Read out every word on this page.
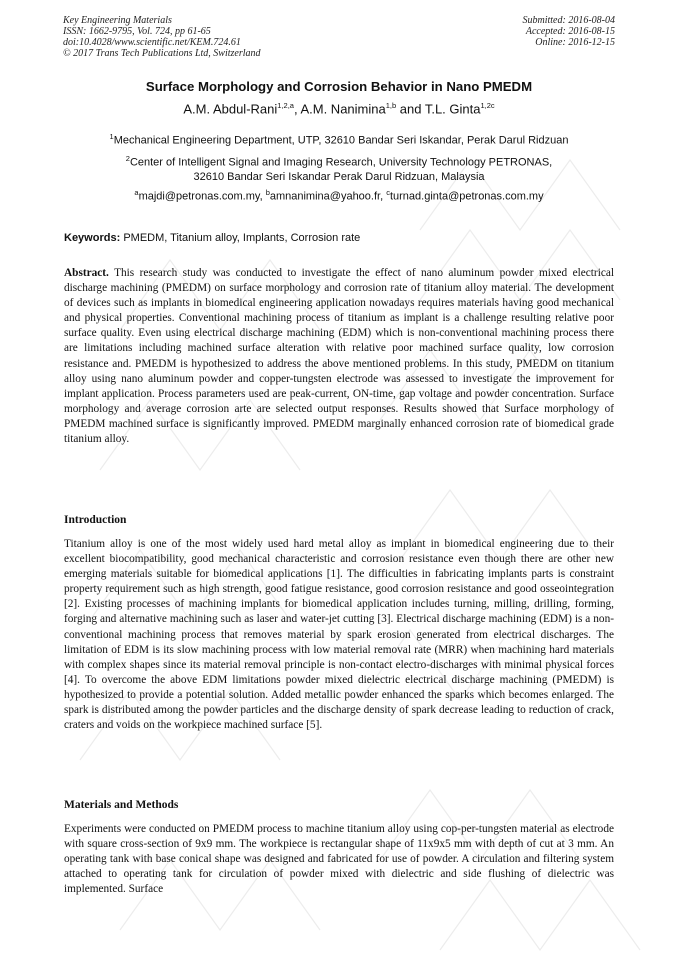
Key Engineering Materials
ISSN: 1662-9795, Vol. 724, pp 61-65
doi:10.4028/www.scientific.net/KEM.724.61
© 2017 Trans Tech Publications Ltd, Switzerland
Submitted: 2016-08-04
Accepted: 2016-08-15
Online: 2016-12-15
Surface Morphology and Corrosion Behavior in Nano PMEDM
A.M. Abdul-Rani$^{1,2,a}$, A.M. Nanimina$^{1,b}$ and T.L. Ginta$^{1,2c}$
$^1$Mechanical Engineering Department, UTP, 32610 Bandar Seri Iskandar, Perak Darul Ridzuan
$^2$Center of Intelligent Signal and Imaging Research, University Technology PETRONAS,
32610 Bandar Seri Iskandar Perak Darul Ridzuan, Malaysia
$^a$majdi@petronas.com.my, $^b$amnanimina@yahoo.fr, $^c$turnad.ginta@petronas.com.my
Keywords: PMEDM, Titanium alloy, Implants, Corrosion rate

Abstract. This research study was conducted to investigate the effect of nano aluminum powder mixed electrical discharge machining (PMEDM) on surface morphology and corrosion rate of titanium alloy material. The development of devices such as implants in biomedical engineering application nowadays requires materials having good mechanical and physical properties. Conventional machining process of titanium as implant is a challenge resulting relative poor surface quality. Even using electrical discharge machining (EDM) which is non-conventional machining process there are limitations including machined surface alteration with relative poor machined surface quality, low corrosion resistance and. PMEDM is hypothesized to address the above mentioned problems. In this study, PMEDM on titanium alloy using nano aluminum powder and copper-tungsten electrode was assessed to investigate the improvement for implant application. Process parameters used are peak-current, ON-time, gap voltage and powder concentration. Surface morphology and average corrosion arte are selected output responses. Results showed that Surface morphology of PMEDM machined surface is significantly improved. PMEDM marginally enhanced corrosion rate of biomedical grade titanium alloy.

Introduction

Titanium alloy is one of the most widely used hard metal alloy as implant in biomedical engineering due to their excellent biocompatibility, good mechanical characteristic and corrosion resistance even though there are other new emerging materials suitable for biomedical applications [1]. The difficulties in fabricating implants parts is constraint property requirement such as high strength, good fatigue resistance, good corrosion resistance and good osseointegration [2]. Existing processes of machining implants for biomedical application includes turning, milling, drilling, forming, forging and alternative machining such as laser and water-jet cutting [3]. Electrical discharge machining (EDM) is a non-conventional machining process that removes material by spark erosion generated from electrical discharges. The limitation of EDM is its slow machining process with low material removal rate (MRR) when machining hard materials with complex shapes since its material removal principle is non-contact electro-discharges with minimal physical forces [4]. To overcome the above EDM limitations powder mixed dielectric electrical discharge machining (PMEDM) is hypothesized to provide a potential solution. Added metallic powder enhanced the sparks which becomes enlarged. The spark is distributed among the powder particles and the discharge density of spark decrease leading to reduction of crack, craters and voids on the workpiece machined surface [5].

Materials and Methods

Experiments were conducted on PMEDM process to machine titanium alloy using cop-per-tungsten material as electrode with square cross-section of 9x9 mm. The workpiece is rectangular shape of 11x9x5 mm with depth of cut at 3 mm. An operating tank with base conical shape was designed and fabricated for use of powder. A circulation and filtering system attached to operating tank for circulation of powder mixed with dielectric and side flushing of dielectric was implemented. Surface
